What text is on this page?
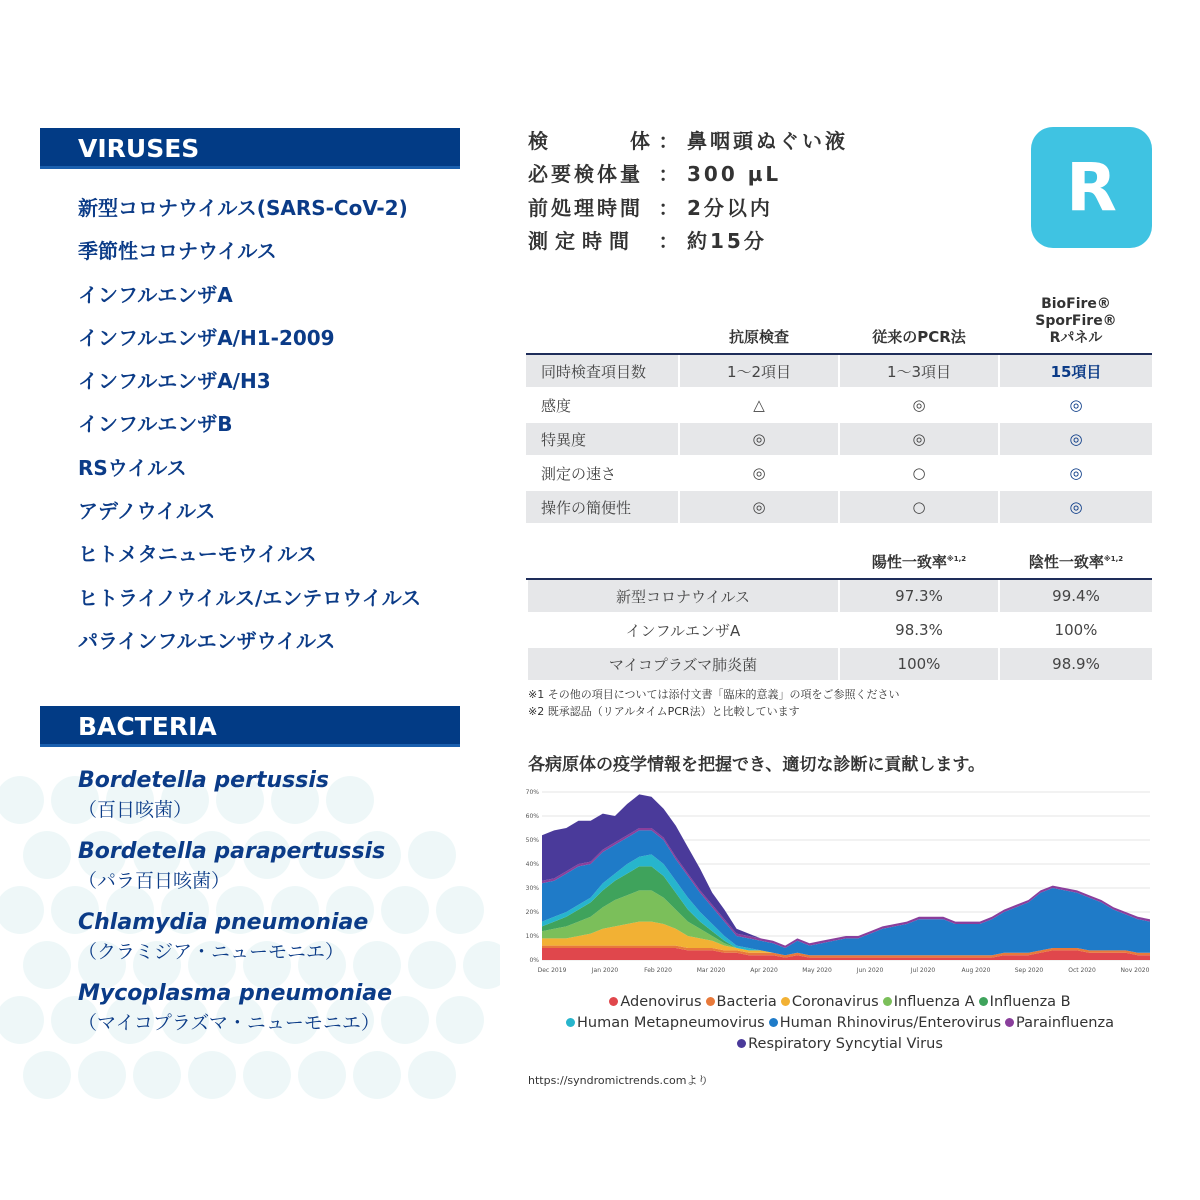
VIRUSES
新型コロナウイルス(SARS-CoV-2)
季節性コロナウイルス
インフルエンザA
インフルエンザA/H1-2009
インフルエンザA/H3
インフルエンザB
RSウイルス
アデノウイルス
ヒトメタニューモウイルス
ヒトライノウイルス/エンテロウイルス
パラインフルエンザウイルス
BACTERIA
Bordetella pertussis
（百日咳菌）
Bordetella parapertussis
（パラ百日咳菌）
Chlamydia pneumoniae
（クラミジア・ニューモニエ）
Mycoplasma pneumoniae
（マイコプラズマ・ニューモニエ）
検	体 ： 鼻咽頭ぬぐい液
必要検体量 ： 300 µL
前処理時間 ： 2分以内
測定時間	： 約15分
R
	抗原検査	従来のPCR法	BioFire® SporFire®
Rパネル

同時検査項目数	1～2項目	1～3項目	15項目
感度	△	◎	◎
特異度	◎	◎	◎
測定の速さ	◎	○	◎
操作の簡便性	◎	○	◎
	陽性一致率$^{※1,2}$	陰性一致率$^{※1,2}$

新型コロナウイルス	97.3%	99.4%
インフルエンザA	98.3%	100%
マイコプラズマ肺炎菌	100%	98.9%
※1 その他の項目については添付文書「臨床的意義」の項をご参照ください
※2 既承認品（リアルタイムPCR法）と比較しています
各病原体の疫学情報を把握でき、適切な診断に貢献します。
0%
10%
20%
30%
40%
50%
60%
70%
Dec 2019	Jan 2020	Feb 2020	Mar 2020	Apr 2020	May 2020	Jun 2020	Jul 2020	Aug 2020	Sep 2020	Oct 2020	Nov 2020
Adenovirus Bacteria Coronavirus Influenza A Influenza B
Human Metapneumovirus Human Rhinovirus/Enterovirus Parainfluenza
Respiratory Syncytial Virus
https://syndromictrends.comより
